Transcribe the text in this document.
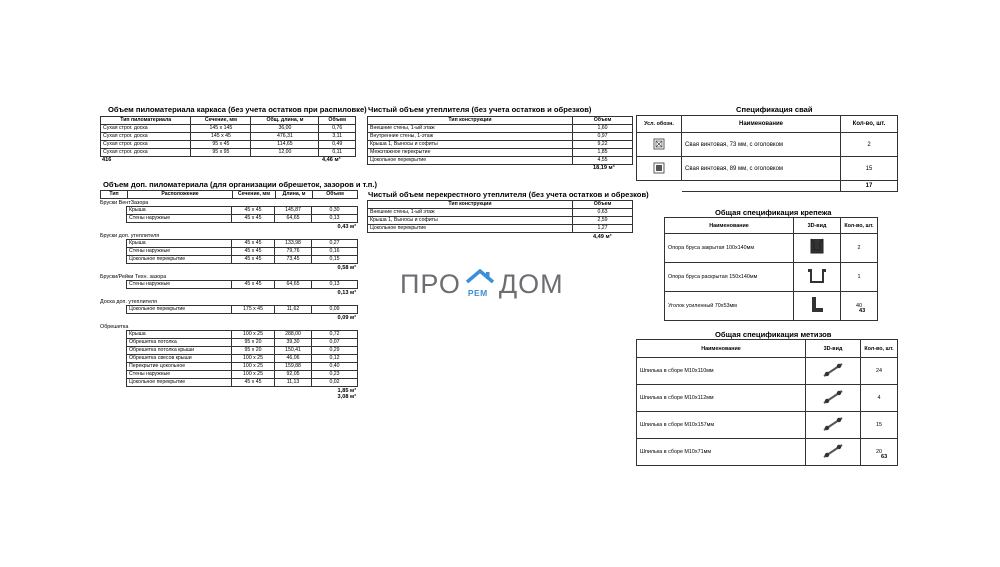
Объем пиломатериала каркаса (без учета остатков при распиловке)
Тип пиломатериала	Сечение, мм	Общ. длина, м	Объем
Сухая строг. доска	145 х 145	36,00	0,76
Сухая строг. доска	145 х 45	476,31	3,11
Сухая строг. доска	95 х 45	114,65	0,49
Сухая строг. доска	95 х 95	12,00	0,11
416	4,46 м³
Объем доп. пиломатериала (для организации обрешеток, зазоров и т.п.)
Тип	Расположение	Сечение, мм	Длина, м	Объем
Бруски ВентЗазора
	Крыша	45 х 45	145,87	0,30
	Стены наружные	45 х 45	64,65	0,13
0,43 м³
Бруски доп. утеплителя
	Крыша	45 х 45	133,98	0,27
	Стены наружные	45 х 45	79,76	0,16
	Цокольное перекрытие	45 х 45	73,45	0,15
0,58 м³
Бруски/Рейки Техн. зазора
	Стены наружные	45 х 45	64,65	0,13
0,13 м³
Доска доп. утеплителя
	Цокольное перекрытие	175 х 45	11,62	0,09
0,09 м³
Обрешетка
	Крыша	100 х 25	288,00	0,72
	Обрешетка потолка	95 х 20	39,30	0,07
	Обрешетка потолка крыши	95 х 20	150,41	0,29
	Обрешетка свесов крыши	100 х 25	46,06	0,12
	Перекрытие цокольное	100 х 25	159,88	0,40
	Стены наружные	100 х 25	92,05	0,23
	Цокольное перекрытие	45 х 45	11,13	0,02
1,85 м³
3,08 м³
Чистый объем утеплителя (без учета остатков и обрезков)
Тип конструкции	Объем
Внешние стены, 1-ый этаж	1,60
Внутренние стены, 1-этаж	0,97
Крыша 1, Выносы и софиты	9,22
Межэтажное перекрытие	1,85
Цокольное перекрытие	4,55
18,19 м³
Чистый объем перекрестного утеплителя (без учета остатков и обрезков)
Тип конструкции	Объем
Внешние стены, 1-ый этаж	0,63
Крыша 1, Выносы и софиты	2,59
Цокольное перекрытие	1,27
4,49 м³
ПРО РЕМ ДОМ
Спецификация свай
Усл. обозн.	Наименование	Кол-во, шт.
	Свая винтовая, 73 мм, с оголовком	2
	Свая винтовая, 89 мм, с оголовком	15
		17
Общая спецификация крепежа
Наименование	3D-вид	Кол-во, шт.
Опора бруса закрытая 100х140мм		2
Опора бруса раскрытая 150х140мм		1
Уголок усиленный 70х53мм		40
43
Общая спецификация метизов
Наименование	3D-вид	Кол-во, шт.
Шпилька в сборе М10х110мм		24
Шпилька в сборе М10х112мм		4
Шпилька в сборе М10х157мм		15
Шпилька в сборе М10х71мм		20
63
